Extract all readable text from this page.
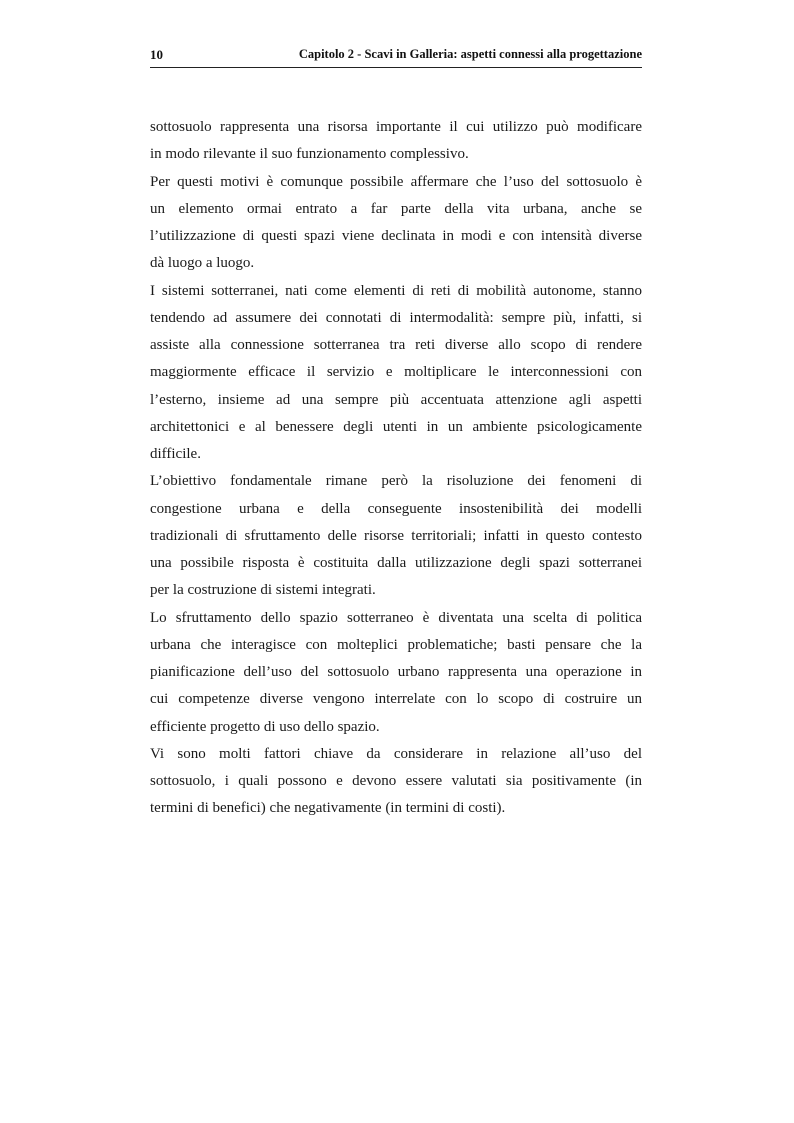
10	Capitolo 2 - Scavi in Galleria: aspetti connessi alla progettazione
sottosuolo rappresenta una risorsa importante il cui utilizzo può modificare
in modo rilevante il suo funzionamento complessivo.
Per questi motivi è comunque possibile affermare che l’uso del sottosuolo è
un elemento ormai entrato a far parte della vita urbana, anche se
l’utilizzazione di questi spazi viene declinata in modi e con intensità diverse
dà luogo a luogo.
I sistemi sotterranei, nati come elementi di reti di mobilità autonome, stanno
tendendo ad assumere dei connotati di intermodalità: sempre più, infatti, si
assiste alla connessione sotterranea tra reti diverse allo scopo di rendere
maggiormente efficace il servizio e moltiplicare le interconnessioni con
l’esterno, insieme ad una sempre più accentuata attenzione agli aspetti
architettonici e al benessere degli utenti in un ambiente psicologicamente
difficile.
L’obiettivo fondamentale rimane però la risoluzione dei fenomeni di
congestione urbana e della conseguente insostenibilità dei modelli
tradizionali di sfruttamento delle risorse territoriali; infatti in questo contesto
una possibile risposta è costituita dalla utilizzazione degli spazi sotterranei
per la costruzione di sistemi integrati.
Lo sfruttamento dello spazio sotterraneo è diventata una scelta di politica
urbana che interagisce con molteplici problematiche; basti pensare che la
pianificazione dell’uso del sottosuolo urbano rappresenta una operazione in
cui competenze diverse vengono interrelate con lo scopo di costruire un
efficiente progetto di uso dello spazio.
Vi sono molti fattori chiave da considerare in relazione all’uso del
sottosuolo, i quali possono e devono essere valutati sia positivamente (in
termini di benefici) che negativamente (in termini di costi).
